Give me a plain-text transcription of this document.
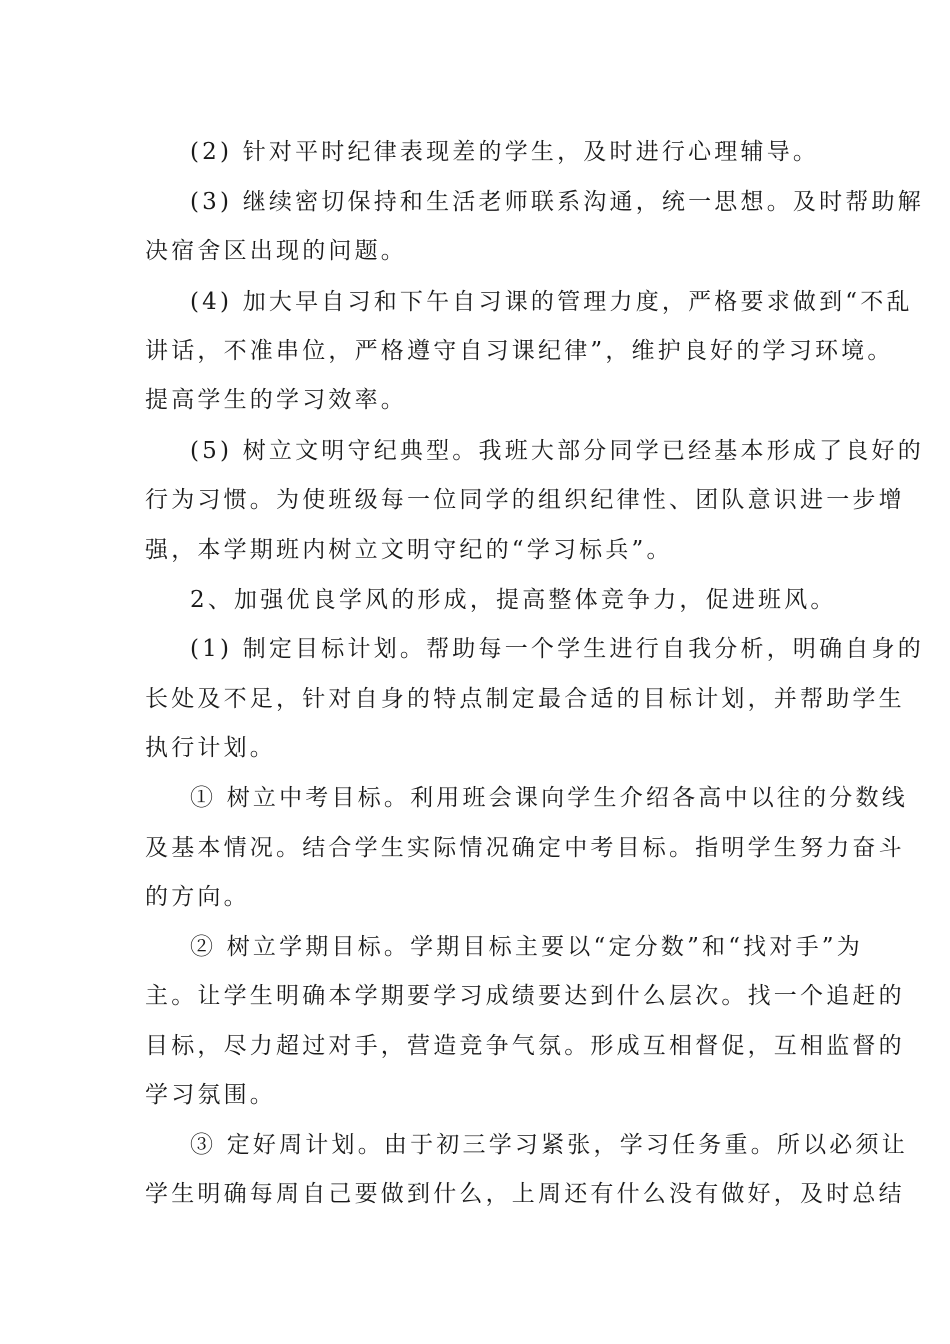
(2) 针对平时纪律表现差的学生，及时进行心理辅导。
(3) 继续密切保持和生活老师联系沟通，统一思想。及时帮助解
决宿舍区出现的问题。
(4) 加大早自习和下午自习课的管理力度，严格要求做到“不乱
讲话，不准串位，严格遵守自习课纪律”，维护良好的学习环境。
提高学生的学习效率。
(5) 树立文明守纪典型。我班大部分同学已经基本形成了良好的
行为习惯。为使班级每一位同学的组织纪律性、团队意识进一步增
强，本学期班内树立文明守纪的“学习标兵”。
2、加强优良学风的形成，提高整体竞争力，促进班风。
(1) 制定目标计划。帮助每一个学生进行自我分析，明确自身的
长处及不足，针对自身的特点制定最合适的目标计划，并帮助学生
执行计划。
① 树立中考目标。利用班会课向学生介绍各高中以往的分数线
及基本情况。结合学生实际情况确定中考目标。指明学生努力奋斗
的方向。
② 树立学期目标。学期目标主要以“定分数”和“找对手”为
主。让学生明确本学期要学习成绩要达到什么层次。找一个追赶的
目标，尽力超过对手，营造竞争气氛。形成互相督促，互相监督的
学习氛围。
③ 定好周计划。由于初三学习紧张，学习任务重。所以必须让
学生明确每周自己要做到什么，上周还有什么没有做好，及时总结
